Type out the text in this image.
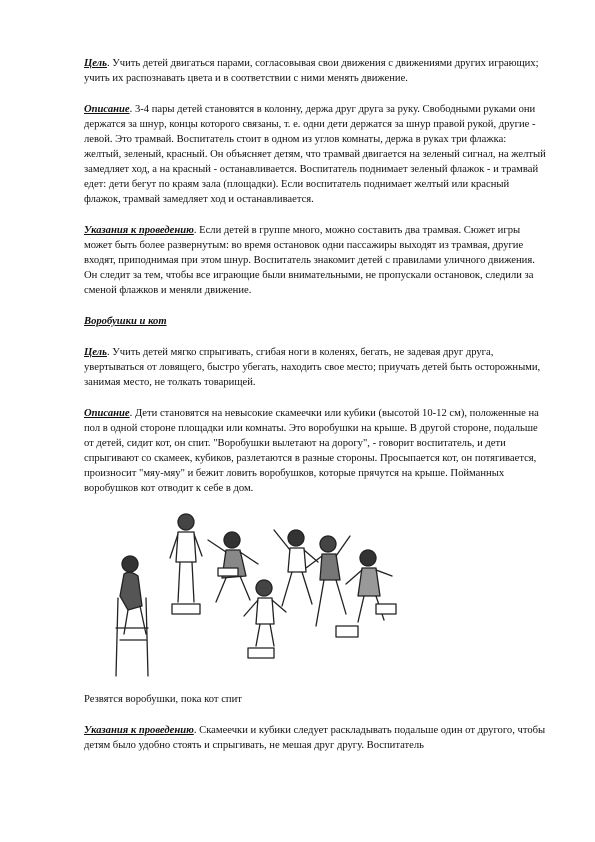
Цель. Учить детей двигаться парами, согласовывая свои движения с движениями других играющих; учить их распознавать цвета и в соответствии с ними менять движение.

Описание. 3-4 пары детей становятся в колонну, держа друг друга за руку. Свободными руками они держатся за шнур, концы которого связаны, т. е. одни дети держатся за шнур правой рукой, другие - левой. Это трамвай. Воспитатель стоит в одном из углов комнаты, держа в руках три флажка: желтый, зеленый, красный. Он объясняет детям, что трамвай двигается на зеленый сигнал, на желтый замедляет ход, а на красный - останавливается. Воспитатель поднимает зеленый флажок - и трамвай едет: дети бегут по краям зала (площадки). Если воспитатель поднимает желтый или красный флажок, трамвай замедляет ход и останавливается.

Указания к проведению. Если детей в группе много, можно составить два трамвая. Сюжет игры может быть более развернутым: во время остановок одни пассажиры выходят из трамвая, другие входят, приподнимая при этом шнур. Воспитатель знакомит детей с правилами уличного движения. Он следит за тем, чтобы все играющие были внимательными, не пропускали остановок, следили за сменой флажков и меняли движение.

Воробушки и кот

Цель. Учить детей мягко спрыгивать, сгибая ноги в коленях, бегать, не задевая друг друга, увертываться от ловящего, быстро убегать, находить свое место; приучать детей быть осторожными, занимая место, не толкать товарищей.

Описание. Дети становятся на невысокие скамеечки или кубики (высотой 10-12 см), положенные на пол в одной стороне площадки или комнаты. Это воробушки на крыше. В другой стороне, подальше от детей, сидит кот, он спит. "Воробушки вылетают на дорогу", - говорит воспитатель, и дети спрыгивают со скамеек, кубиков, разлетаются в разные стороны. Просыпается кот, он потягивается, произносит "мяу-мяу" и бежит ловить воробушков, которые прячутся на крыше. Пойманных воробушков кот отводит к себе в дом.

Резвятся воробушки, пока кот спит

Указания к проведению. Скамеечки и кубики следует раскладывать подальше один от другого, чтобы детям было удобно стоять и спрыгивать, не мешая друг другу. Воспитатель
